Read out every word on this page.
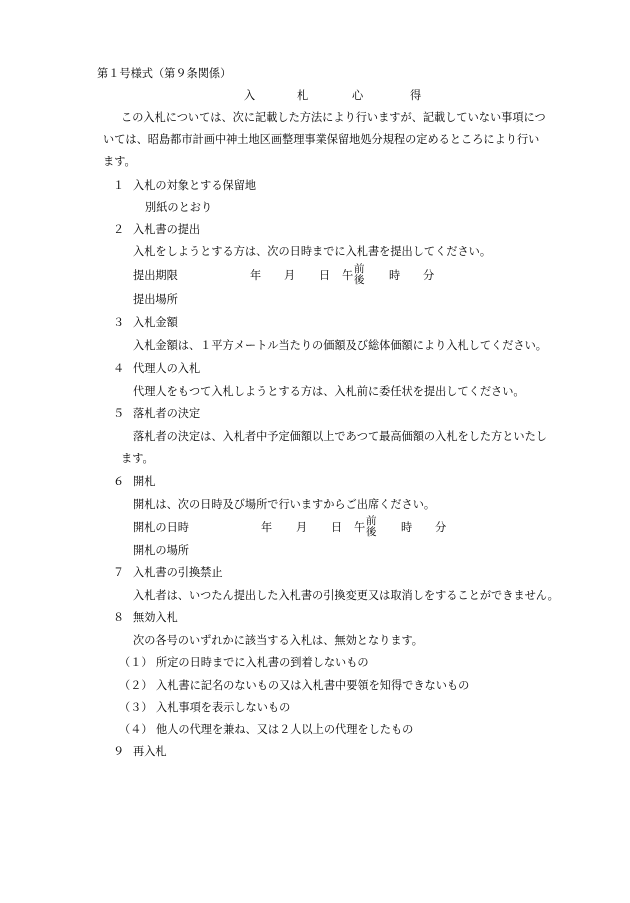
第１号様式（第９条関係）
入	札	心	得
この入札については、次に記載した方法により行いますが、記載していない事項につ
いては、昭島都市計画中神土地区画整理事業保留地処分規程の定めるところにより行い
ます。
１ 入札の対象とする保留地
別紙のとおり
２ 入札書の提出
入札をしようとする方は、次の日時までに入札書を提出してください。
提出期限	年 月 日 午 前
後 時 分
提出場所
３ 入札金額
入札金額は、１平方メートル当たりの価額及び総体価額により入札してください。
４ 代理人の入札
代理人をもつて入札しようとする方は、入札前に委任状を提出してください。
５ 落札者の決定
落札者の決定は、入札者中予定価額以上であつて最高価額の入札をした方といたし
ます。
６ 開札
開札は、次の日時及び場所で行いますからご出席ください。
開札の日時	年 月 日 午 前
後 時 分
開札の場所
７ 入札書の引換禁止
入札者は、いつたん提出した入札書の引換変更又は取消しをすることができません。
８ 無効入札
次の各号のいずれかに該当する入札は、無効となります。
（１） 所定の日時までに入札書の到着しないもの
（２） 入札書に記名のないもの又は入札書中要領を知得できないもの
（３） 入札事項を表示しないもの
（４） 他人の代理を兼ね、又は２人以上の代理をしたもの
９ 再入札
